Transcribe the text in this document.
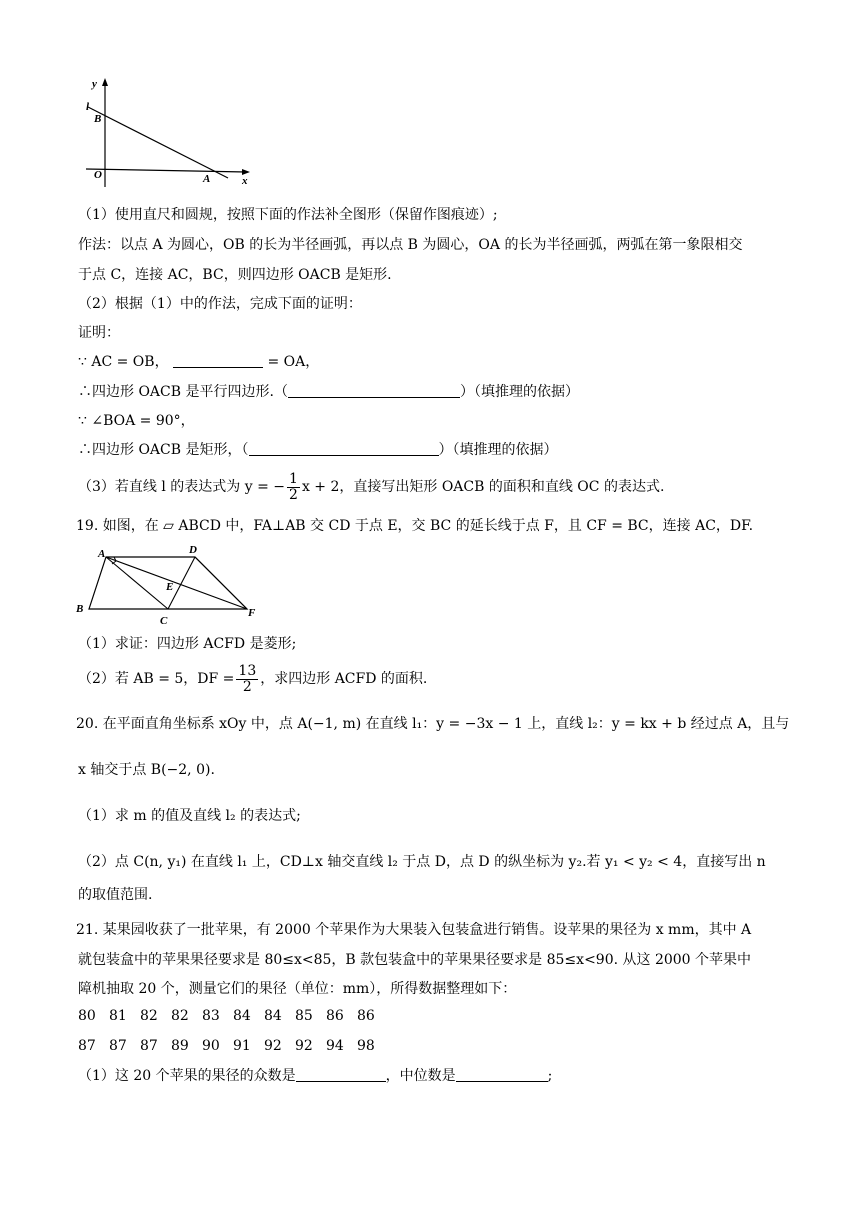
y
l
B
O	A	x
（1）使用直尺和圆规，按照下面的作法补全图形（保留作图痕迹）;
作法：以点 A 为圆心，OB 的长为半径画弧，再以点 B 为圆心，OA 的长为半径画弧，两弧在第一象限相交
于点 C，连接 AC，BC，则四边形 OACB 是矩形.
（2）根据（1）中的作法，完成下面的证明：
证明：
∵ AC = OB，	= OA，
∴四边形 OACB 是平行四边形.（	）（填推理的依据）
∵ ∠BOA = 90°，
∴四边形 OACB 是矩形，（	）（填推理的依据）
（3）若直线 l 的表达式为 y = − $\frac{1}{2}$ x + 2，直接写出矩形 OACB 的面积和直线 OC 的表达式.
19. 如图，在 ▱ ABCD 中，FA⊥AB 交 CD 于点 E，交 BC 的延长线于点 F，且 CF = BC，连接 AC，DF.
A	D
E
B
C
F
（1）求证：四边形 ACFD 是菱形;
（2）若 AB = 5，DF = $\frac{13}{2}$ ，求四边形 ACFD 的面积.
20. 在平面直角坐标系 xOy 中，点 A(−1, m) 在直线 l₁：y = −3x − 1 上，直线 l₂：y = kx + b 经过点 A，且与
x 轴交于点 B(−2, 0).
（1）求 m 的值及直线 l₂ 的表达式;
（2）点 C(n, y₁) 在直线 l₁ 上，CD⊥x 轴交直线 l₂ 于点 D，点 D 的纵坐标为 y₂.若 y₁ < y₂ < 4，直接写出 n
的取值范围.
21. 某果园收获了一批苹果，有 2000 个苹果作为大果装入包装盒进行销售。设苹果的果径为 x mm，其中 A
就包装盒中的苹果果径要求是 80≤x<85，B 款包装盒中的苹果果径要求是 85≤x<90. 从这 2000 个苹果中
障机抽取 20 个，测量它们的果径（单位：mm），所得数据整理如下：
80 81 82 82 83 84 84 85 86 86
87 87 87 89 90 91 92 92 94 98
（1）这 20 个苹果的果径的众数是	，中位数是	;
